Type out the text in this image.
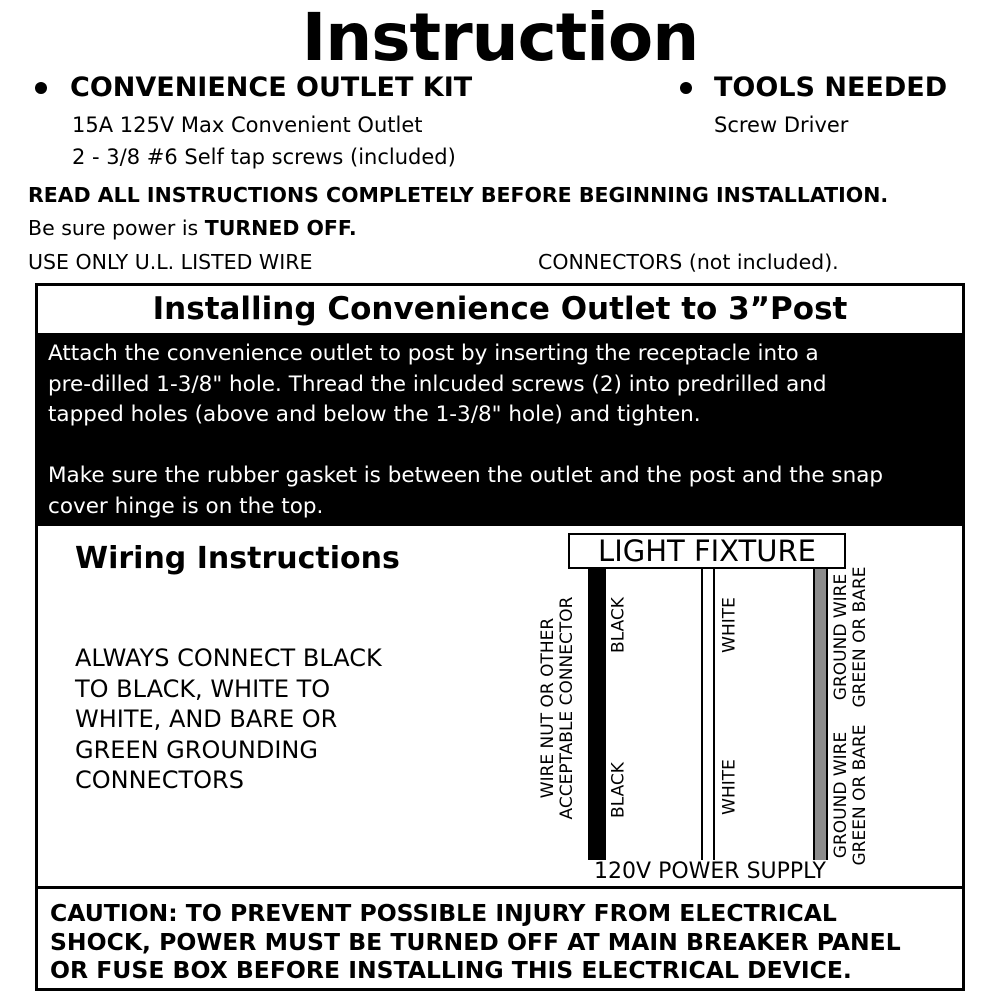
Instruction
CONVENIENCE OUTLET KIT
15A 125V Max Convenient Outlet
2 - 3/8 #6 Self tap screws (included)
TOOLS NEEDED
Screw Driver
READ ALL INSTRUCTIONS COMPLETELY BEFORE BEGINNING INSTALLATION.
Be sure power is TURNED OFF.
USE ONLY U.L. LISTED WIRE	CONNECTORS (not included).
Installing Convenience Outlet to 3”Post

Attach the convenience outlet to post by inserting the receptacle into a

pre-dilled 1-3/8" hole. Thread the inlcuded screws (2) into predrilled and

tapped holes (above and below the 1-3/8" hole) and tighten.

Make sure the rubber gasket is between the outlet and the post and the snap

cover hinge is on the top.

Wiring Instructions

ALWAYS CONNECT BLACK

TO BLACK, WHITE TO

WHITE, AND BARE OR

GREEN GROUNDING

CONNECTORS

LIGHT FIXTURE
WIRE NUT OR OTHER ACCEPTABLE CONNECTOR BLACK
BLACK
WHITE
WHITE
GROUND WIRE GREEN OR BARE
GROUND WIRE GREEN OR BARE
120V POWER SUPPLY

CAUTION: TO PREVENT POSSIBLE INJURY FROM ELECTRICAL

SHOCK, POWER MUST BE TURNED OFF AT MAIN BREAKER PANEL

OR FUSE BOX BEFORE INSTALLING THIS ELECTRICAL DEVICE.
